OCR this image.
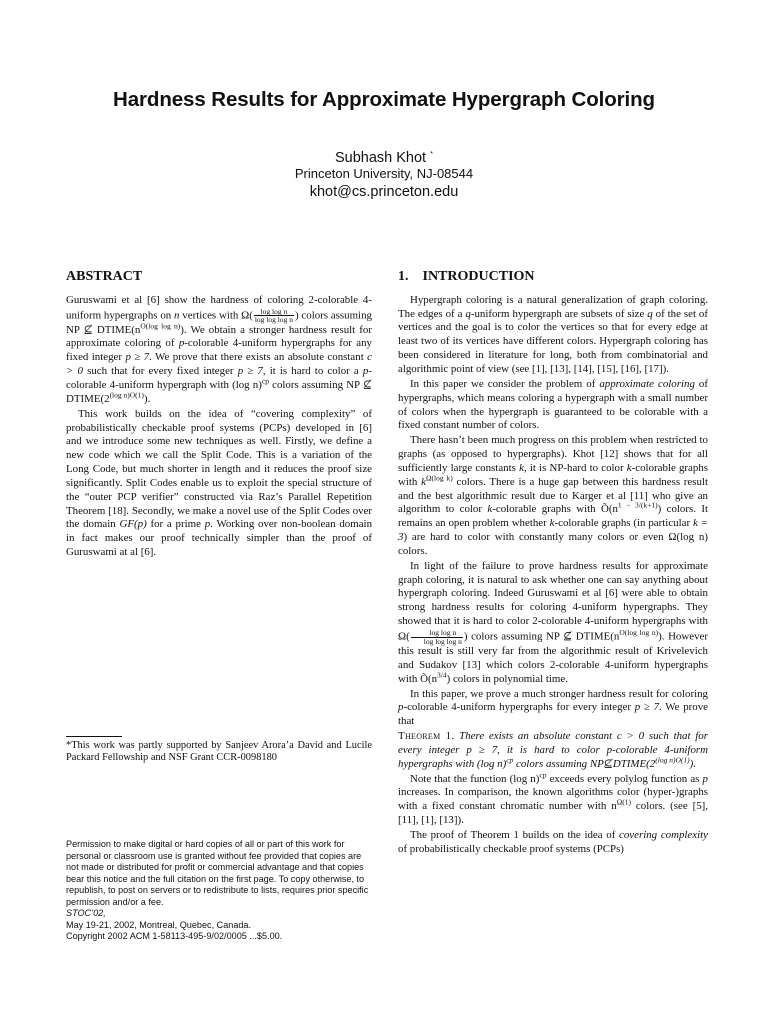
Hardness Results for Approximate Hypergraph Coloring
Subhash Khot *
Princeton University, NJ-08544
khot@cs.princeton.edu
ABSTRACT

Guruswami et al [6] show the hardness of coloring 2-colorable 4-uniform hypergraphs on n vertices with $\Omega( \frac{\text{log log n}}{\text{log log log n}}$ ) colors assuming NP ⊈ $DTIME(n^{O(log log n)})$. We obtain a stronger hardness result for approximate coloring of p-colorable 4-uniform hypergraphs for any fixed integer p ≥ 7. We prove that there exists an absolute constant c > 0 such that for every fixed integer p ≥ 7, it is hard to color a p-colorable 4-uniform hypergraph with (log n)$^{cp}$ colors assuming NP ⊈ $DTIME(2^{(log n)O(1)})$.

This work builds on the idea of “covering complexity” of probabilistically checkable proof systems (PCPs) developed in [6] and we introduce some new techniques as well. Firstly, we define a new code which we call the Split Code. This is a variation of the Long Code, but much shorter in length and it reduces the proof size significantly. Split Codes enable us to exploit the special structure of the “outer PCP verifier” constructed via Raz’s Parallel Repetition Theorem [18]. Secondly, we make a novel use of the Split Codes over the domain GF(p) for a prime p. Working over non-boolean domain in fact makes our proof technically simpler than the proof of Guruswami at al [6].

*This work was partly supported by Sanjeev Arora’a David and Lucile Packard Fellowship and NSF Grant CCR-0098180
Permission to make digital or hard copies of all or part of this work for personal or classroom use is granted without fee provided that copies are not made or distributed for profit or commercial advantage and that copies bear this notice and the full citation on the first page. To copy otherwise, to republish, to post on servers or to redistribute to lists, requires prior specific permission and/or a fee.
STOC’02,
May 19-21, 2002, Montreal, Quebec, Canada.
Copyright 2002 ACM 1-58113-495-9/02/0005 ...$5.00.
1. INTRODUCTION

Hypergraph coloring is a natural generalization of graph coloring. The edges of a q-uniform hypergraph are subsets of size q of the set of vertices and the goal is to color the vertices so that for every edge at least two of its vertices have different colors. Hypergraph coloring has been considered in literature for long, both from combinatorial and algorithmic point of view (see [1], [13], [14], [15], [16], [17]).

In this paper we consider the problem of approximate coloring of hypergraphs, which means coloring a hypergraph with a small number of colors when the hypergraph is guaranteed to be colorable with a fixed constant number of colors.

There hasn’t been much progress on this problem when restricted to graphs (as opposed to hypergraphs). Khot [12] shows that for all sufficiently large constants k, it is NP-hard to color k-colorable graphs with $k^{\Omega(log k)}$ colors. There is a huge gap between this hardness result and the best algorithmic result due to Karger et al [11] who give an algorithm to color k-colorable graphs with $Õ(n^{1 - 3/(k+1)})$ colors. It remains an open problem whether k-colorable graphs (in particular k = 3) are hard to color with constantly many colors or even Ω(log n) colors.

In light of the failure to prove hardness results for approximate graph coloring, it is natural to ask whether one can say anything about hypergraph coloring. Indeed Guruswami et al [6] were able to obtain strong hardness results for coloring 4-uniform hypergraphs. They showed that it is hard to color 2-colorable 4-uniform hypergraphs with $\Omega( \frac{\text{log log n}}{\text{log log log n}}$ ) colors assuming NP ⊈ $DTIME(n^{O(log log n)})$. However this result is still very far from the algorithmic result of Krivelevich and Sudakov [13] which colors 2-colorable 4-uniform hypergraphs with $Õ(n^{3/4})$ colors in polynomial time.

In this paper, we prove a much stronger hardness result for coloring p-colorable 4-uniform hypergraphs for every integer p ≥ 7. We prove that

Theorem 1. There exists an absolute constant c > 0 such that for every integer p ≥ 7, it is hard to color p-colorable 4-uniform hypergraphs with (log n)$^{cp}$ colors assuming $NP⊈DTIME(2^{(log n)O(1)})$.

Note that the function (log n)$^{cp}$ exceeds every polylog function as p increases. In comparison, the known algorithms color (hyper-)graphs with a fixed constant chromatic number with $n^{\Omega(1)}$ colors. (see [5], [11], [1], [13]).

The proof of Theorem 1 builds on the idea of covering complexity of probabilistically checkable proof systems (PCPs)
